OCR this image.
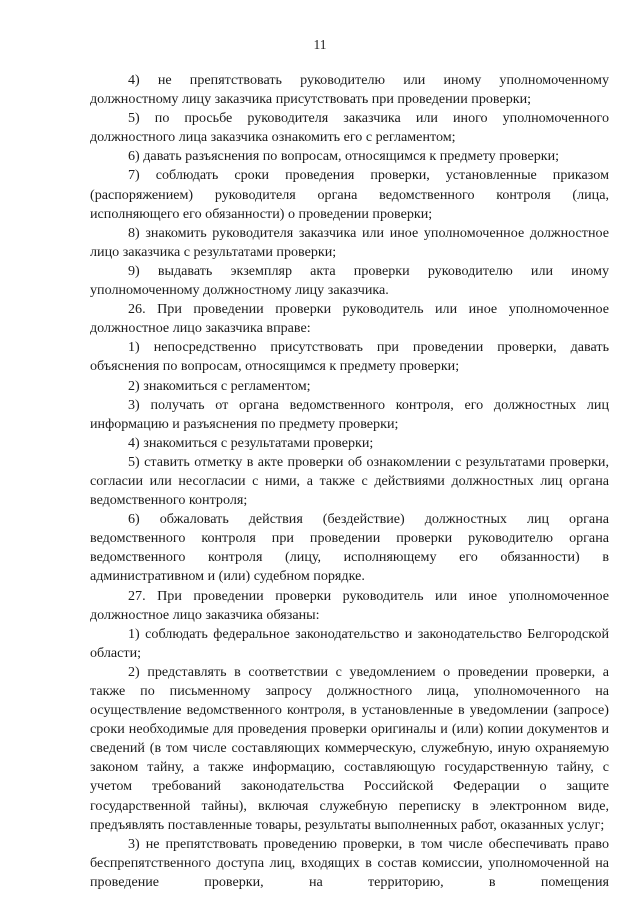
11

4) не препятствовать руководителю или иному уполномоченному должностному лицу заказчика присутствовать при проведении проверки;

5) по просьбе руководителя заказчика или иного уполномоченного должностного лица заказчика ознакомить его с регламентом;

6) давать разъяснения по вопросам, относящимся к предмету проверки;

7) соблюдать сроки проведения проверки, установленные приказом (распоряжением) руководителя органа ведомственного контроля (лица, исполняющего его обязанности) о проведении проверки;

8) знакомить руководителя заказчика или иное уполномоченное должностное лицо заказчика с результатами проверки;

9) выдавать экземпляр акта проверки руководителю или иному уполномоченному должностному лицу заказчика.

26. При проведении проверки руководитель или иное уполномоченное должностное лицо заказчика вправе:

1) непосредственно присутствовать при проведении проверки, давать объяснения по вопросам, относящимся к предмету проверки;

2) знакомиться с регламентом;

3) получать от органа ведомственного контроля, его должностных лиц информацию и разъяснения по предмету проверки;

4) знакомиться с результатами проверки;

5) ставить отметку в акте проверки об ознакомлении с результатами проверки, согласии или несогласии с ними, а также с действиями должностных лиц органа ведомственного контроля;

6) обжаловать действия (бездействие) должностных лиц органа ведомственного контроля при проведении проверки руководителю органа ведомственного контроля (лицу, исполняющему его обязанности) в административном и (или) судебном порядке.

27. При проведении проверки руководитель или иное уполномоченное должностное лицо заказчика обязаны:

1) соблюдать федеральное законодательство и законодательство Белгородской области;

2) представлять в соответствии с уведомлением о проведении проверки, а также по письменному запросу должностного лица, уполномоченного на осуществление ведомственного контроля, в установленные в уведомлении (запросе) сроки необходимые для проведения проверки оригиналы и (или) копии документов и сведений (в том числе составляющих коммерческую, служебную, иную охраняемую законом тайну, а также информацию, составляющую государственную тайну, с учетом требований законодательства Российской Федерации о защите государственной тайны), включая служебную переписку в электронном виде, предъявлять поставленные товары, результаты выполненных работ, оказанных услуг;

3) не препятствовать проведению проверки, в том числе обеспечивать право беспрепятственного доступа лиц, входящих в состав комиссии, уполномоченной на проведение проверки, на территорию, в помещения
